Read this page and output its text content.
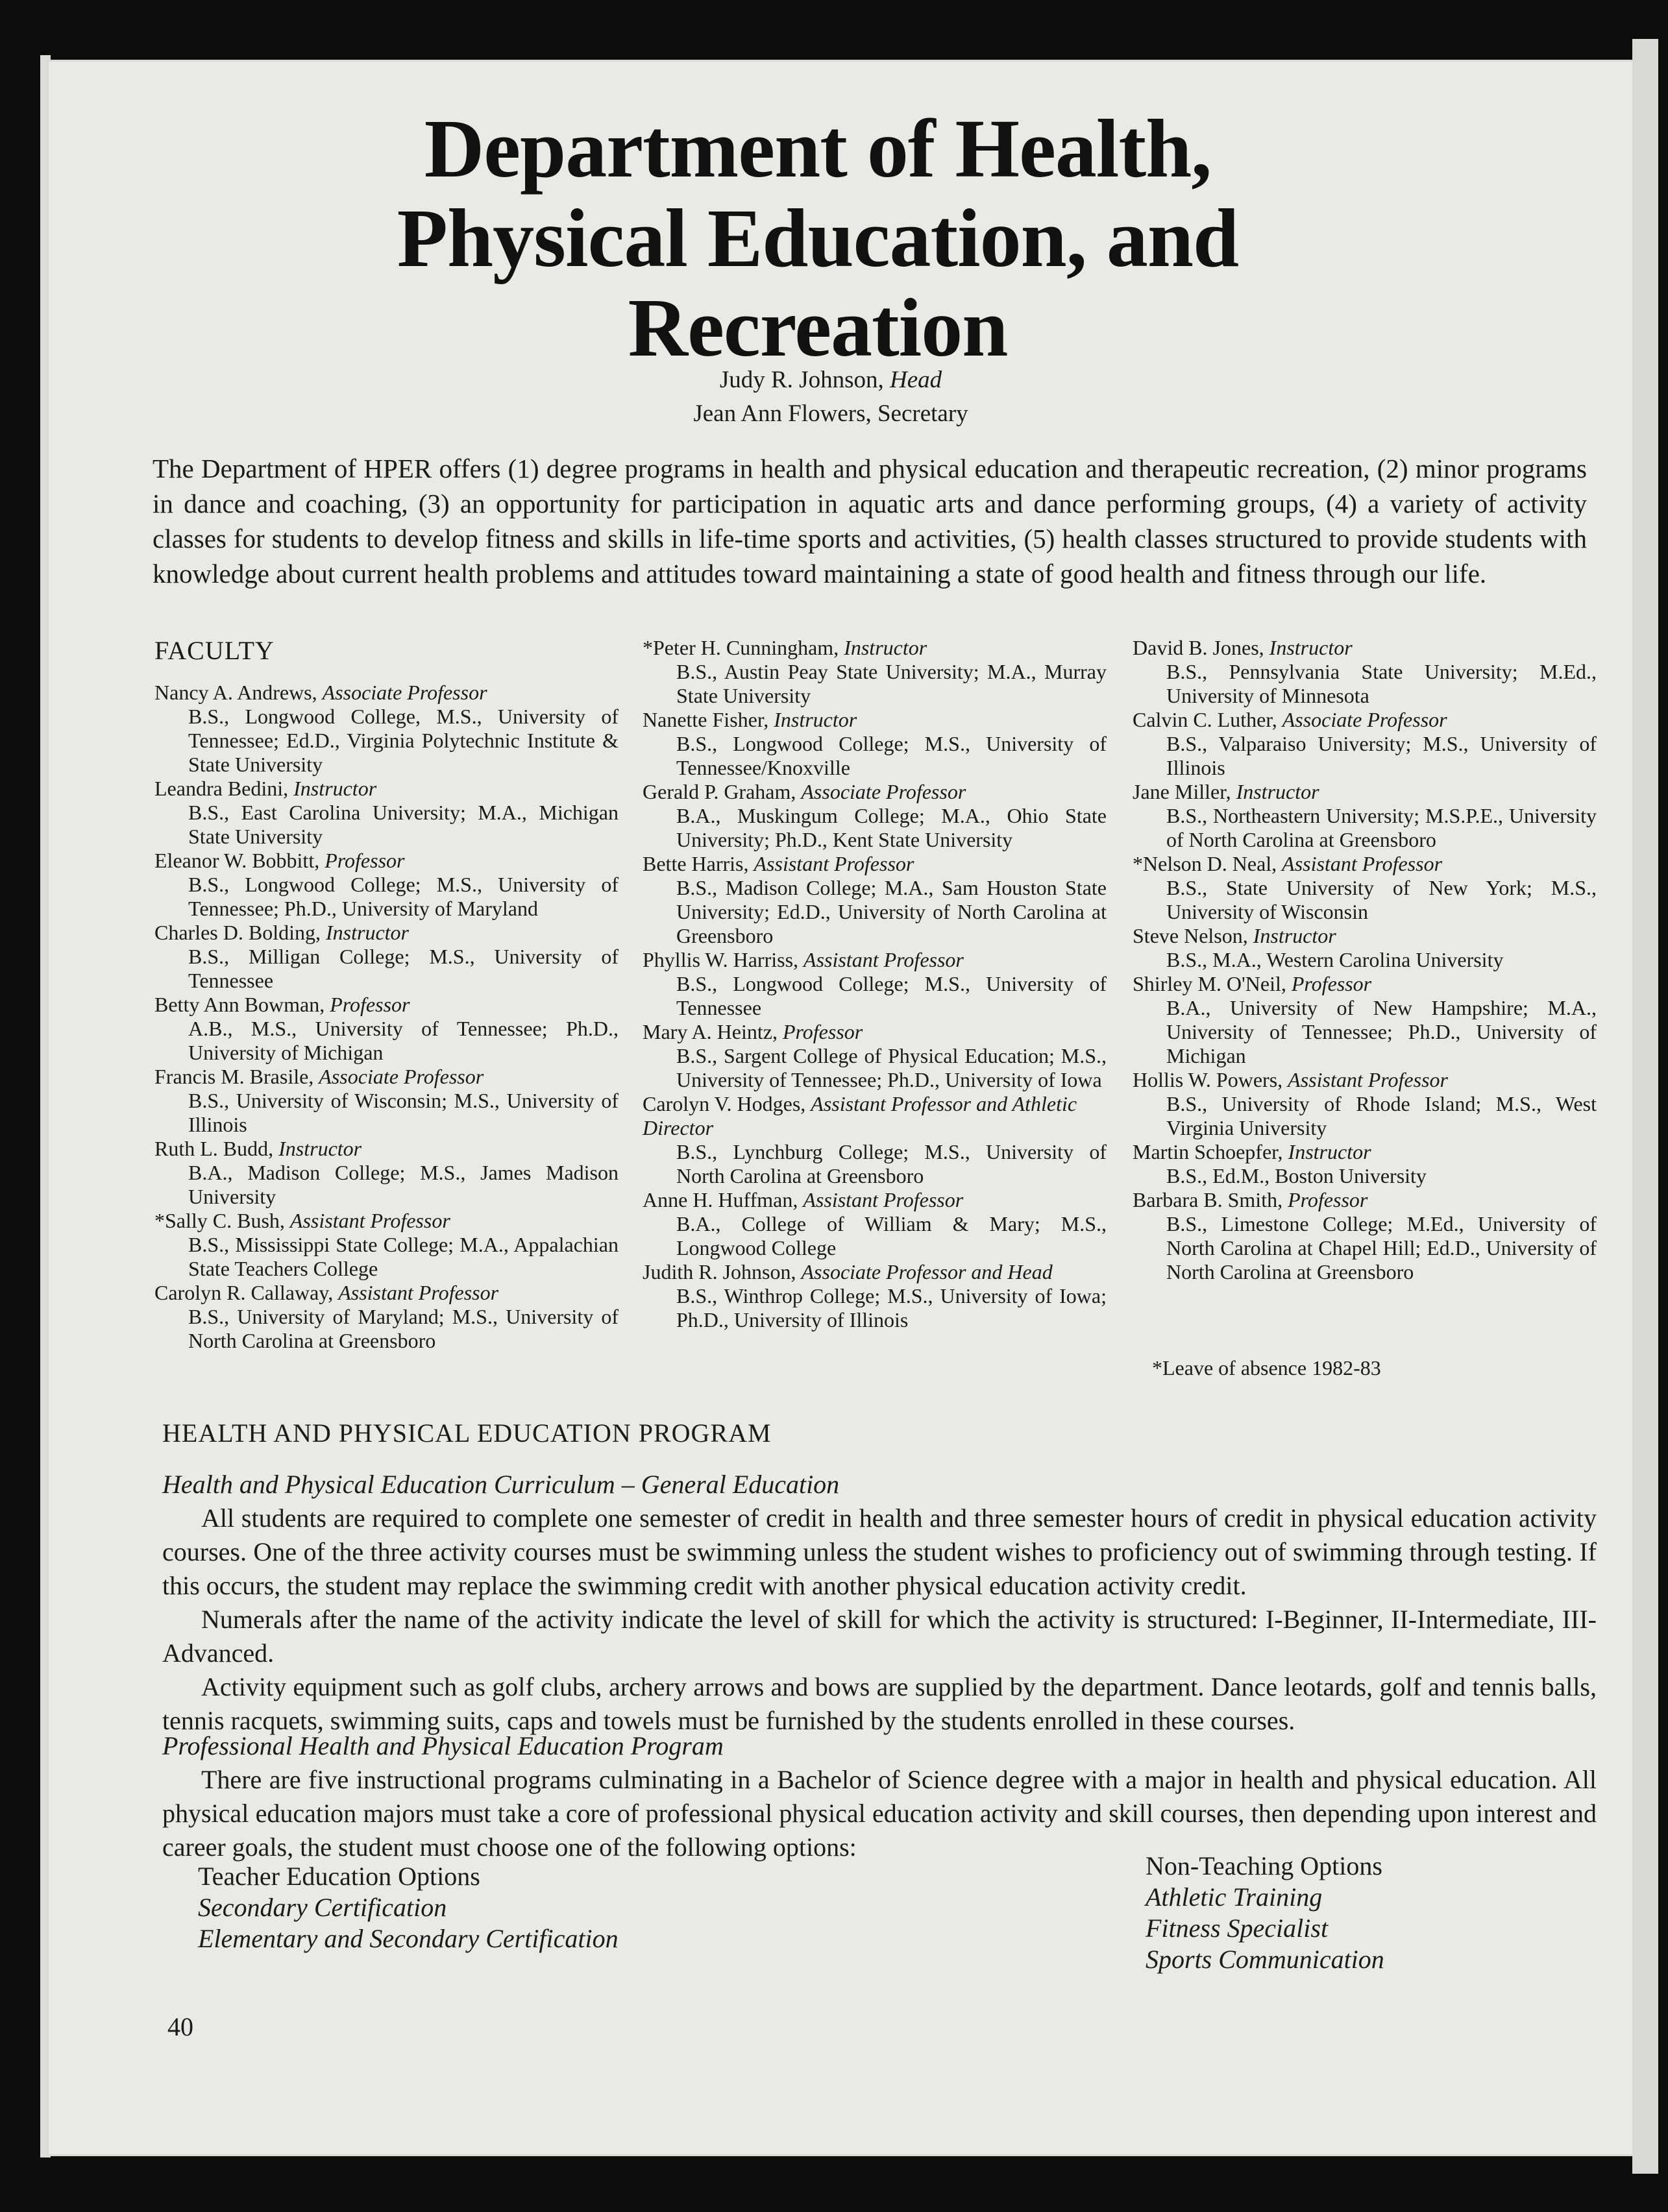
Department of Health, Physical Education, and Recreation
Judy R. Johnson, Head
Jean Ann Flowers, Secretary

The Department of HPER offers (1) degree programs in health and physical education and therapeutic recreation, (2) minor programs in dance and coaching, (3) an opportunity for participation in aquatic arts and dance performing groups, (4) a variety of activity classes for students to develop fitness and skills in life-time sports and activities, (5) health classes structured to provide students with knowledge about current health problems and attitudes toward maintaining a state of good health and fitness through our life.

FACULTY
Nancy A. Andrews, Associate Professor
B.S., Longwood College, M.S., University of Tennessee; Ed.D., Virginia Polytechnic Institute & State University
Leandra Bedini, Instructor
B.S., East Carolina University; M.A., Michigan State University
Eleanor W. Bobbitt, Professor
B.S., Longwood College; M.S., University of Tennessee; Ph.D., University of Maryland
Charles D. Bolding, Instructor
B.S., Milligan College; M.S., University of Tennessee
Betty Ann Bowman, Professor
A.B., M.S., University of Tennessee; Ph.D., University of Michigan
Francis M. Brasile, Associate Professor
B.S., University of Wisconsin; M.S., University of Illinois
Ruth L. Budd, Instructor
B.A., Madison College; M.S., James Madison University
*Sally C. Bush, Assistant Professor
B.S., Mississippi State College; M.A., Appalachian State Teachers College
Carolyn R. Callaway, Assistant Professor
B.S., University of Maryland; M.S., University of North Carolina at Greensboro
*Peter H. Cunningham, Instructor
B.S., Austin Peay State University; M.A., Murray State University
Nanette Fisher, Instructor
B.S., Longwood College; M.S., University of Tennessee/Knoxville
Gerald P. Graham, Associate Professor
B.A., Muskingum College; M.A., Ohio State University; Ph.D., Kent State University
Bette Harris, Assistant Professor
B.S., Madison College; M.A., Sam Houston State University; Ed.D., University of North Carolina at Greensboro
Phyllis W. Harriss, Assistant Professor
B.S., Longwood College; M.S., University of Tennessee
Mary A. Heintz, Professor
B.S., Sargent College of Physical Education; M.S., University of Tennessee; Ph.D., University of Iowa
Carolyn V. Hodges, Assistant Professor and Athletic Director
B.S., Lynchburg College; M.S., University of North Carolina at Greensboro
Anne H. Huffman, Assistant Professor
B.A., College of William & Mary; M.S., Longwood College
Judith R. Johnson, Associate Professor and Head
B.S., Winthrop College; M.S., University of Iowa; Ph.D., University of Illinois
David B. Jones, Instructor
B.S., Pennsylvania State University; M.Ed., University of Minnesota
Calvin C. Luther, Associate Professor
B.S., Valparaiso University; M.S., University of Illinois
Jane Miller, Instructor
B.S., Northeastern University; M.S.P.E., University of North Carolina at Greensboro
*Nelson D. Neal, Assistant Professor
B.S., State University of New York; M.S., University of Wisconsin
Steve Nelson, Instructor
B.S., M.A., Western Carolina University
Shirley M. O'Neil, Professor
B.A., University of New Hampshire; M.A., University of Tennessee; Ph.D., University of Michigan
Hollis W. Powers, Assistant Professor
B.S., University of Rhode Island; M.S., West Virginia University
Martin Schoepfer, Instructor
B.S., Ed.M., Boston University
Barbara B. Smith, Professor
B.S., Limestone College; M.Ed., University of North Carolina at Chapel Hill; Ed.D., University of North Carolina at Greensboro
*Leave of absence 1982-83
HEALTH AND PHYSICAL EDUCATION PROGRAM
Health and Physical Education Curriculum – General Education

All students are required to complete one semester of credit in health and three semester hours of credit in physical education activity courses. One of the three activity courses must be swimming unless the student wishes to proficiency out of swimming through testing. If this occurs, the student may replace the swimming credit with another physical education activity credit.

Numerals after the name of the activity indicate the level of skill for which the activity is structured: I-Beginner, II-Intermediate, III-Advanced.

Activity equipment such as golf clubs, archery arrows and bows are supplied by the department. Dance leotards, golf and tennis balls, tennis racquets, swimming suits, caps and towels must be furnished by the students enrolled in these courses.

Professional Health and Physical Education Program

There are five instructional programs culminating in a Bachelor of Science degree with a major in health and physical education. All physical education majors must take a core of professional physical education activity and skill courses, then depending upon interest and career goals, the student must choose one of the following options:

Teacher Education Options
Secondary Certification
Elementary and Secondary Certification
Non-Teaching Options
Athletic Training
Fitness Specialist
Sports Communication
40
